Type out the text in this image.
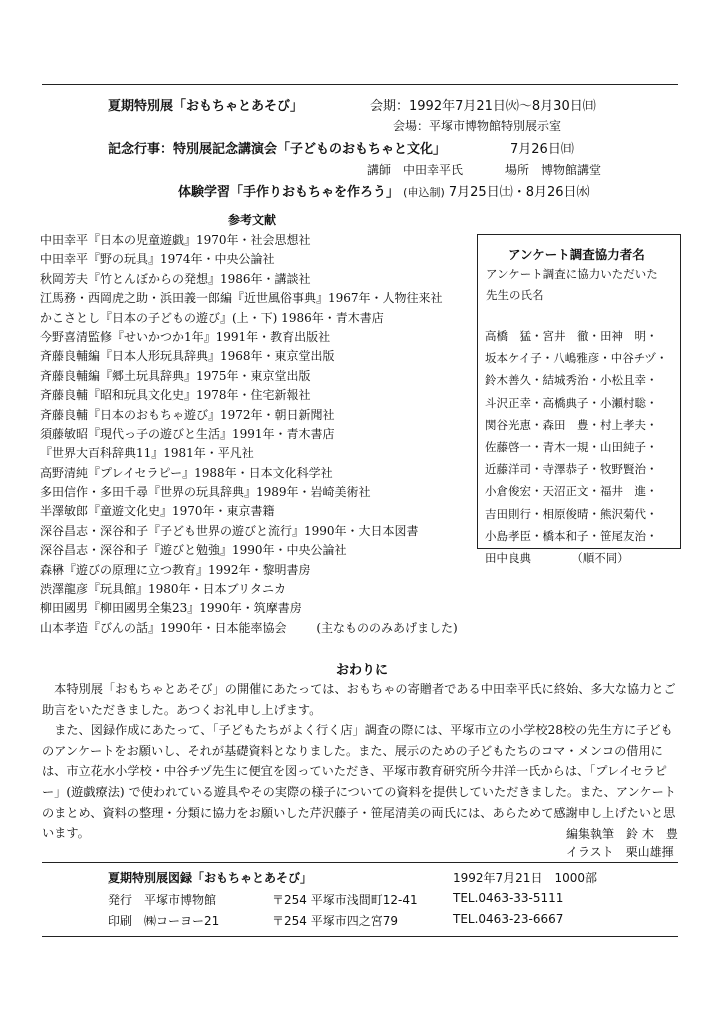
夏期特別展「おもちゃとあそび」	会期：1992年7月21日㈫～8月30日㈰
会場：平塚市博物館特別展示室
記念行事：特別展記念講演会「子どものおもちゃと文化」	7月26日㈰
講師　中田幸平氏	場所　博物館講堂
体験学習「手作りおもちゃを作ろう」 (申込制) 7月25日㈯・8月26日㈬
参考文献
中田幸平『日本の児童遊戯』1970年・社会思想社
中田幸平『野の玩具』1974年・中央公論社
秋岡芳夫『竹とんぼからの発想』1986年・講談社
江馬務・西岡虎之助・浜田義一郎編『近世風俗事典』1967年・人物往来社
かこさとし『日本の子どもの遊び』(上・下) 1986年・青木書店
今野喜清監修『せいかつか1年』1991年・教育出版社
斉藤良輔編『日本人形玩具辞典』1968年・東京堂出版
斉藤良輔編『郷土玩具辞典』1975年・東京堂出版
斉藤良輔『昭和玩具文化史』1978年・住宅新報社
斉藤良輔『日本のおもちゃ遊び』1972年・朝日新聞社
須藤敏昭『現代っ子の遊びと生活』1991年・青木書店
『世界大百科辞典11』1981年・平凡社
高野清純『プレイセラピー』1988年・日本文化科学社
多田信作・多田千尋『世界の玩具辞典』1989年・岩崎美術社
半澤敏郎『童遊文化史』1970年・東京書籍
深谷昌志・深谷和子『子ども世界の遊びと流行』1990年・大日本図書
深谷昌志・深谷和子『遊びと勉強』1990年・中央公論社
森楙『遊びの原理に立つ教育』1992年・黎明書房
渋澤龍彦『玩具館』1980年・日本ブリタニカ
柳田國男『柳田國男全集23』1990年・筑摩書房
山本孝造『びんの話』1990年・日本能率協会 (主なもののみあげました)
アンケート調査協力者名
アンケート調査に協力いただいた
先生の氏名
高橋　猛・宮井　徹・田神　明・
坂本ケイ子・八嶋雅彦・中谷チヅ・
鈴木善久・結城秀治・小松且幸・
斗沢正幸・高橋典子・小瀬村聡・
関谷光恵・森田　豊・村上孝夫・
佐藤啓一・青木一規・山田純子・
近藤洋司・寺澤恭子・牧野賢治・
小倉俊宏・天沼正文・福井　進・
吉田則行・相原俊晴・熊沢菊代・
小島孝臣・橋本和子・笹尾友治・
田中良典　　　　（順不同）
おわりに

　本特別展「おもちゃとあそび」の開催にあたっては、おもちゃの寄贈者である中田幸平氏に終始、多大な協力とご助言をいただきました。あつくお礼申し上げます。

　また、図録作成にあたって、「子どもたちがよく行く店」調査の際には、平塚市立の小学校28校の先生方に子どものアンケートをお願いし、それが基礎資料となりました。また、展示のための子どもたちのコマ・メンコの借用には、市立花水小学校・中谷チヅ先生に便宜を図っていただき、平塚市教育研究所今井洋一氏からは、「プレイセラピー」(遊戯療法) で使われている遊具やその実際の様子についての資料を提供していただきました。また、アンケートのまとめ、資料の整理・分類に協力をお願いした芹沢藤子・笹尾清美の両氏には、あらためて感謝申し上げたいと思います。	編集執筆　鈴 木　豊
イラスト　栗山雄揮
夏期特別展図録「おもちゃとあそび」	1992年7月21日　1000部
発行　平塚市博物館	〒254 平塚市浅間町12-41	TEL.0463-33-5111
印刷　㈱コーヨー21	〒254 平塚市四之宮79	TEL.0463-23-6667
